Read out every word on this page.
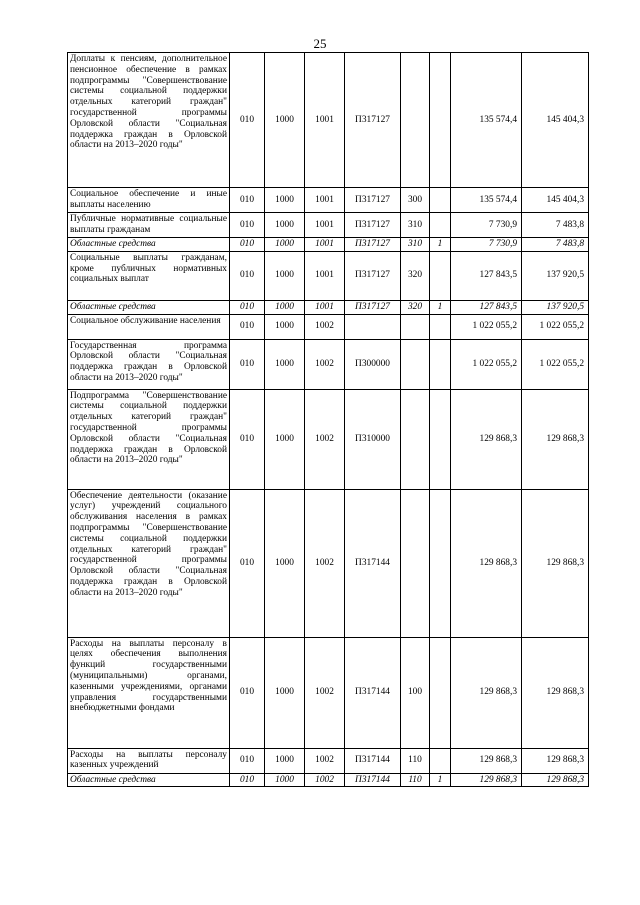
25
Доплаты к пенсиям, дополнительное пенсионное обеспечение в рамках подпрограммы "Совершенствование системы социальной поддержки отдельных категорий граждан" государственной программы Орловской области "Социальная поддержка граждан в Орловской области на 2013–2020 годы"	010	1000	1001	П317127			135 574,4	145 404,3
Социальное обеспечение и иные выплаты населению	010	1000	1001	П317127	300		135 574,4	145 404,3
Публичные нормативные социальные выплаты гражданам	010	1000	1001	П317127	310		7 730,9	7 483,8
Областные средства	010	1000	1001	П317127	310	1	7 730,9	7 483,8
Социальные выплаты гражданам, кроме публичных нормативных социальных выплат	010	1000	1001	П317127	320		127 843,5	137 920,5
Областные средства	010	1000	1001	П317127	320	1	127 843,5	137 920,5
Социальное обслуживание населения	010	1000	1002				1 022 055,2	1 022 055,2
Государственная программа Орловской области "Социальная поддержка граждан в Орловской области на 2013–2020 годы"	010	1000	1002	П300000			1 022 055,2	1 022 055,2
Подпрограмма "Совершенствование системы социальной поддержки отдельных категорий граждан" государственной программы Орловской области "Социальная поддержка граждан в Орловской области на 2013–2020 годы"	010	1000	1002	П310000			129 868,3	129 868,3
Обеспечение деятельности (оказание услуг) учреждений социального обслуживания населения в рамках подпрограммы "Совершенствование системы социальной поддержки отдельных категорий граждан" государственной программы Орловской области "Социальная поддержка граждан в Орловской области на 2013–2020 годы"	010	1000	1002	П317144			129 868,3	129 868,3
Расходы на выплаты персоналу в целях обеспечения выполнения функций государственными (муниципальными) органами, казенными учреждениями, органами управления государственными внебюджетными фондами	010	1000	1002	П317144	100		129 868,3	129 868,3
Расходы на выплаты персоналу казенных учреждений	010	1000	1002	П317144	110		129 868,3	129 868,3
Областные средства	010	1000	1002	П317144	110	1	129 868,3	129 868,3
